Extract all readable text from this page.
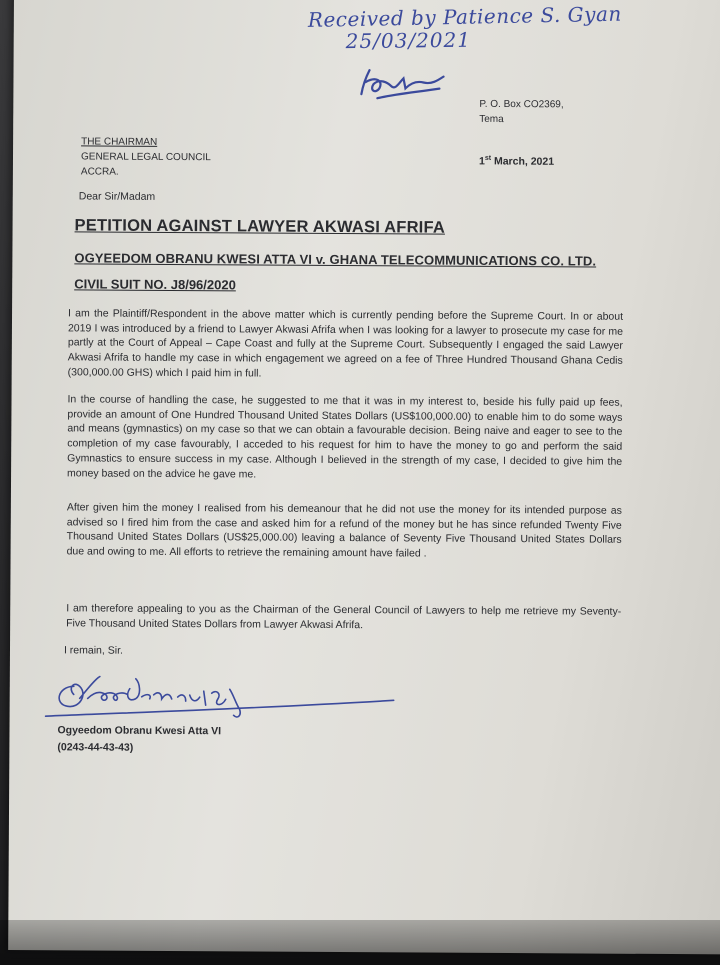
Received by Patience S. Gyan
25/03/2021
P. O. Box CO2369,
Tema
THE CHAIRMAN
GENERAL LEGAL COUNCIL
ACCRA.
1st March, 2021
Dear Sir/Madam
PETITION AGAINST LAWYER AKWASI AFRIFA
OGYEEDOM OBRANU KWESI ATTA VI v. GHANA TELECOMMUNICATIONS CO. LTD.
CIVIL SUIT NO. J8/96/2020
I am the Plaintiff/Respondent in the above matter which is currently pending before the Supreme Court. In or about 2019 I was introduced by a friend to Lawyer Akwasi Afrifa when I was looking for a lawyer to prosecute my case for me partly at the Court of Appeal – Cape Coast and fully at the Supreme Court. Subsequently I engaged the said Lawyer Akwasi Afrifa to handle my case in which engagement we agreed on a fee of Three Hundred Thousand Ghana Cedis (300,000.00 GHS) which I paid him in full.
In the course of handling the case, he suggested to me that it was in my interest to, beside his fully paid up fees, provide an amount of One Hundred Thousand United States Dollars (US$100,000.00) to enable him to do some ways and means (gymnastics) on my case so that we can obtain a favourable decision. Being naive and eager to see to the completion of my case favourably, I acceded to his request for him to have the money to go and perform the said Gymnastics to ensure success in my case. Although I believed in the strength of my case, I decided to give him the money based on the advice he gave me.
After given him the money I realised from his demeanour that he did not use the money for its intended purpose as advised so I fired him from the case and asked him for a refund of the money but he has since refunded Twenty Five Thousand United States Dollars (US$25,000.00) leaving a balance of Seventy Five Thousand United States Dollars due and owing to me. All efforts to retrieve the remaining amount have failed .
I am therefore appealing to you as the Chairman of the General Council of Lawyers to help me retrieve my Seventy-Five Thousand United States Dollars from Lawyer Akwasi Afrifa.
I remain, Sir.
Ogyeedom Obranu Kwesi Atta VI
(0243-44-43-43)
